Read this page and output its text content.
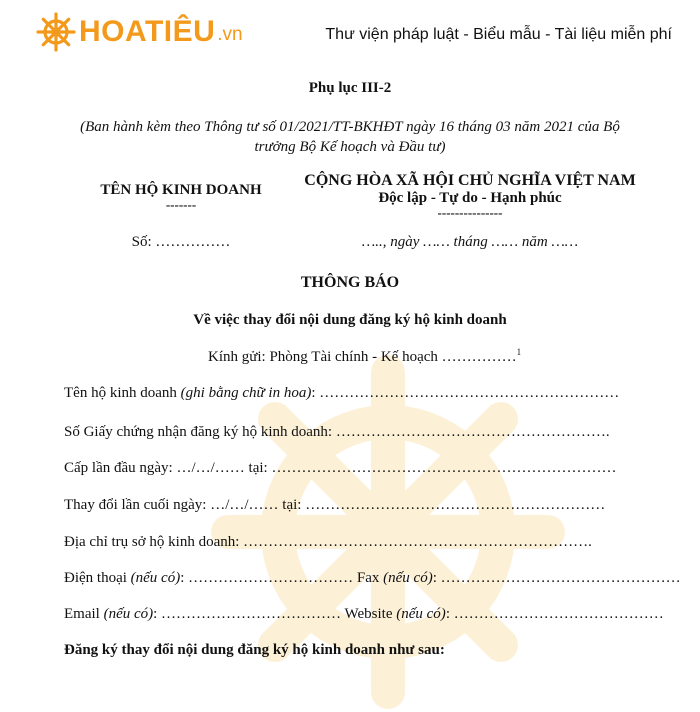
HOATIÊU .vn	Thư viện pháp luật - Biểu mẫu - Tài liệu miễn phí
Phụ lục III-2
(Ban hành kèm theo Thông tư số 01/2021/TT-BKHĐT ngày 16 tháng 03 năm 2021 của Bộ
trưởng Bộ Kế hoạch và Đầu tư)
TÊN HỘ KINH DOANH
-------
CỘNG HÒA XÃ HỘI CHỦ NGHĨA VIỆT NAM
Độc lập - Tự do - Hạnh phúc
---------------
Số: ……………	….., ngày …… tháng …… năm ……
THÔNG BÁO
Về việc thay đổi nội dung đăng ký hộ kinh doanh
Kính gửi: Phòng Tài chính - Kế hoạch ……………$^1$
Tên hộ kinh doanh (ghi bằng chữ in hoa): ……………………………………………………
Số Giấy chứng nhận đăng ký hộ kinh doanh: ……………………………………………….
Cấp lần đầu ngày: …/…/…… tại: ……………………………………………………………
Thay đổi lần cuối ngày: …/…/…… tại: ……………………………………………………
Địa chỉ trụ sở hộ kinh doanh: …………………………………………………………….
Điện thoại (nếu có): …………………………… Fax (nếu có): …………………………………………
Email (nếu có): ……………………………… Website (nếu có): ……………………………………
Đăng ký thay đổi nội dung đăng ký hộ kinh doanh như sau:
